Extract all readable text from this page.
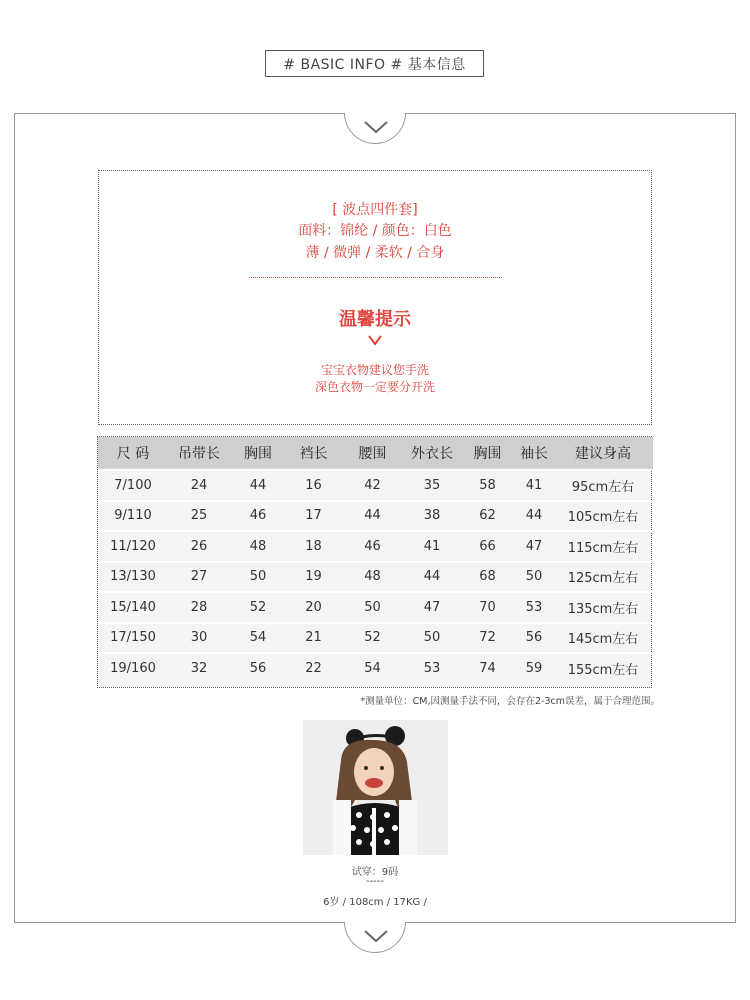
# BASIC INFO # 基本信息
[ 波点四件套]
面料：锦纶 / 颜色：白色
薄 / 微弹 / 柔软 / 合身
温馨提示
宝宝衣物建议您手洗
深色衣物一定要分开洗
尺 码	吊带长	胸围	裆长	腰围	外衣长	胸围	袖长	建议身高
7/100	24	44	16	42	35	58	41	95cm左右
9/110	25	46	17	44	38	62	44	105cm左右
11/120	26	48	18	46	41	66	47	115cm左右
13/130	27	50	19	48	44	68	50	125cm左右
15/140	28	52	20	50	47	70	53	135cm左右
17/150	30	54	21	52	50	72	56	145cm左右
19/160	32	56	22	54	53	74	59	155cm左右
*测量单位：CM,因测量手法不同，会存在2-3cm误差，属于合理范围。
试穿：9码
-----
6岁 / 108cm / 17KG /
